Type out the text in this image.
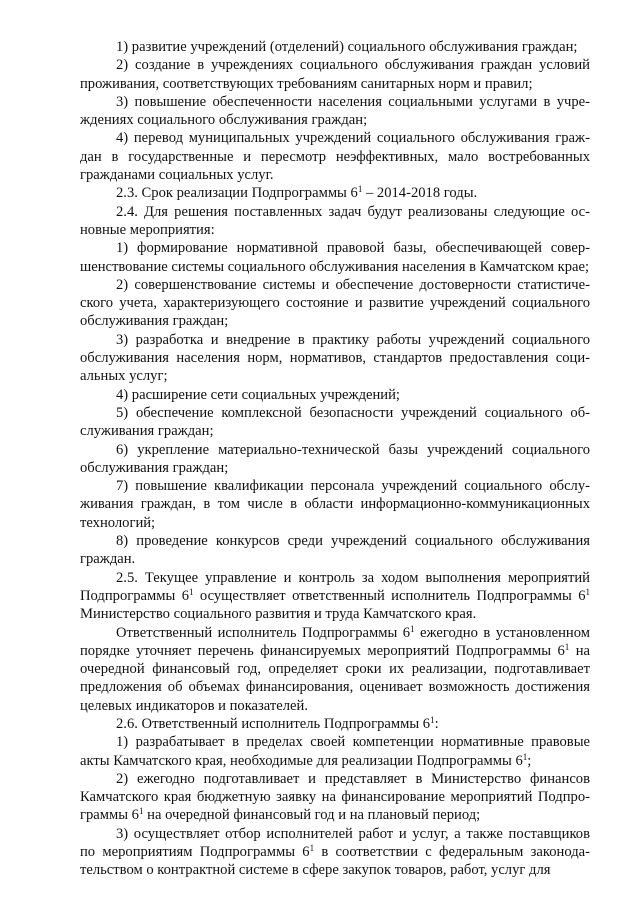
1) развитие учреждений (отделений) социального обслуживания граждан;

2) создание в учреждениях социального обслуживания граждан условий проживания, соответствующих требованиям санитарных норм и правил;

3) повышение обеспеченности населения социальными услугами в учреждениях социального обслуживания граждан;

4) перевод муниципальных учреждений социального обслуживания граждан в государственные и пересмотр неэффективных, мало востребованных гражданами социальных услуг.

2.3. Срок реализации Подпрограммы $6^1 - 2014-2018$ годы.

2.4. Для решения поставленных задач будут реализованы следующие основные мероприятия:

1) формирование нормативной правовой базы, обеспечивающей совершенствование системы социального обслуживания населения в Камчатском крае;

2) совершенствование системы и обеспечение достоверности статистического учета, характеризующего состояние и развитие учреждений социального обслуживания граждан;

3) разработка и внедрение в практику работы учреждений социального обслуживания населения норм, нормативов, стандартов предоставления социальных услуг;

4) расширение сети социальных учреждений;

5) обеспечение комплексной безопасности учреждений социального обслуживания граждан;

6) укрепление материально-технической базы учреждений социального обслуживания граждан;

7) повышение квалификации персонала учреждений социального обслуживания граждан, в том числе в области информационно-коммуникационных технологий;

8) проведение конкурсов среди учреждений социального обслуживания граждан.

2.5. Текущее управление и контроль за ходом выполнения мероприятий Подпрограммы $6^1$ осуществляет ответственный исполнитель Подпрограммы $6^1$ Министерство социального развития и труда Камчатского края.

Ответственный исполнитель Подпрограммы $6^1$ ежегодно в установленном порядке уточняет перечень финансируемых мероприятий Подпрограммы $6^1$ на очередной финансовый год, определяет сроки их реализации, подготавливает предложения об объемах финансирования, оценивает возможность достижения целевых индикаторов и показателей.

2.6. Ответственный исполнитель Подпрограммы $6^1$:

1) разрабатывает в пределах своей компетенции нормативные правовые акты Камчатского края, необходимые для реализации Подпрограммы $6^1$;

2) ежегодно подготавливает и представляет в Министерство финансов Камчатского края бюджетную заявку на финансирование мероприятий Подпрограммы $6^1$ на очередной финансовый год и на плановый период;

3) осуществляет отбор исполнителей работ и услуг, а также поставщиков по мероприятиям Подпрограммы $6^1$ в соответствии с федеральным законодательством о контрактной системе в сфере закупок товаров, работ, услуг для
